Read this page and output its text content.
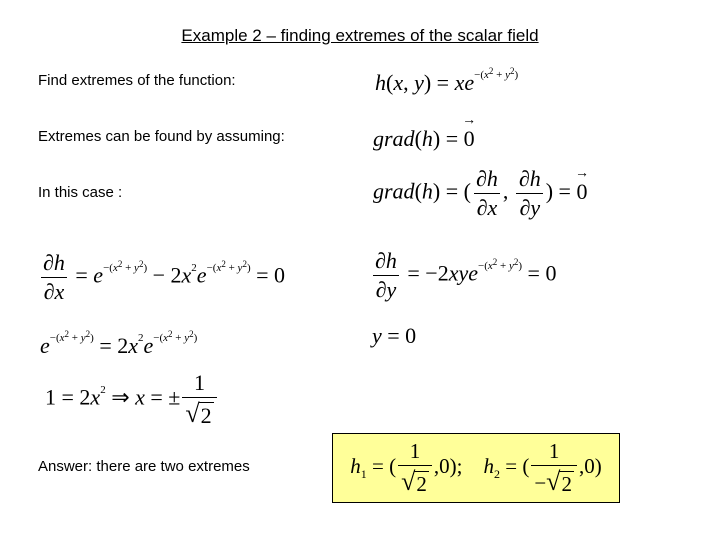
Example 2 – finding extremes of the scalar field
Find extremes of the function:
Extremes can be found by assuming:
In this case :
Answer: there are two extremes
h(x, $y) = xe^{-(x^2 + y^2)}$
grad(h) = → 0
grad(h) = ( $\frac{\partial h}{\partial x}$ , $\frac{\partial h}{\partial y}$ ) = → 0
$\frac{\partial h}{\partial x} = e^{-(x^2 + y^2)} - 2x^2e^{-(x^2 + y^2)} = 0$	$\frac{\partial h}{\partial y} = -2xye^{-(x^2 + y^2)} = 0$
y = 0
$e^{-(x^2 + y^2)} = 2x^2e^{-(x^2 + y^2)}$
$1 = 2x^2$ ⇒ x = ± $\frac{1}{√ 2}$
$h_1$ = ( $\frac{1}{√ 2} ,0$);    $h_2$ = ( $\frac{1}{- √ 2} ,0$)
